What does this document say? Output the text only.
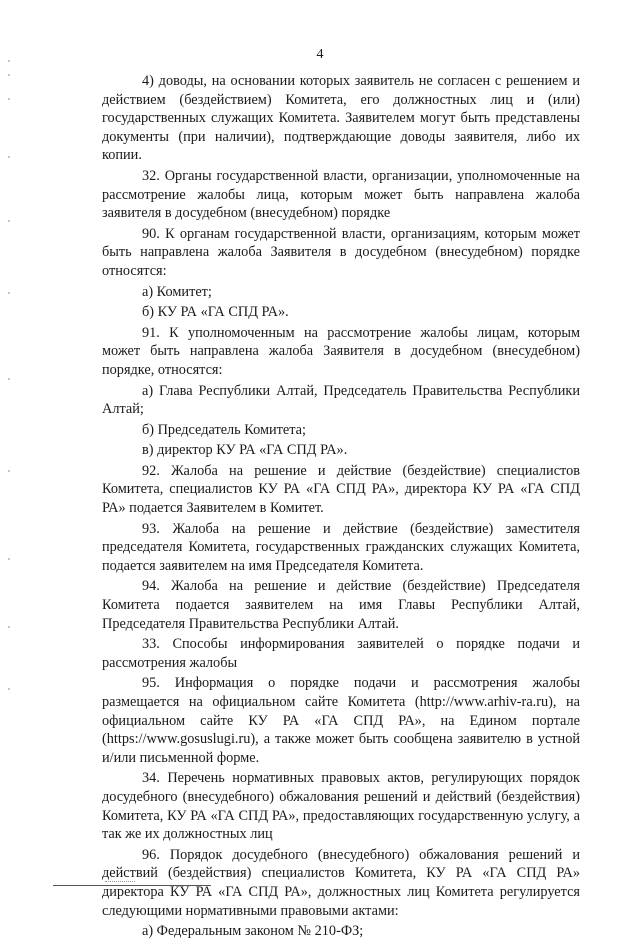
4

4) доводы, на основании которых заявитель не согласен с решением и действием (бездействием) Комитета, его должностных лиц и (или) государственных служащих Комитета. Заявителем могут быть представлены документы (при наличии), подтверждающие доводы заявителя, либо их копии.

32. Органы государственной власти, организации, уполномоченные на рассмотрение жалобы лица, которым может быть направлена жалоба заявителя в досудебном (внесудебном) порядке

90. К органам государственной власти, организациям, которым может быть направлена жалоба Заявителя в досудебном (внесудебном) порядке относятся:

а) Комитет;

б) КУ РА «ГА СПД РА».

91. К уполномоченным на рассмотрение жалобы лицам, которым может быть направлена жалоба Заявителя в досудебном (внесудебном) порядке, относятся:

а) Глава Республики Алтай, Председатель Правительства Республики Алтай;

б) Председатель Комитета;

в) директор КУ РА «ГА СПД РА».

92. Жалоба на решение и действие (бездействие) специалистов Комитета, специалистов КУ РА «ГА СПД РА», директора КУ РА «ГА СПД РА» подается Заявителем в Комитет.

93. Жалоба на решение и действие (бездействие) заместителя председателя Комитета, государственных гражданских служащих Комитета, подается заявителем на имя Председателя Комитета.

94. Жалоба на решение и действие (бездействие) Председателя Комитета подается заявителем на имя Главы Республики Алтай, Председателя Правительства Республики Алтай.

33. Способы информирования заявителей о порядке подачи и рассмотрения жалобы

95. Информация о порядке подачи и рассмотрения жалобы размещается на официальном сайте Комитета (http://www.arhiv-ra.ru), на официальном сайте КУ РА «ГА СПД РА», на Едином портале (https://www.gosuslugi.ru), а также может быть сообщена заявителю в устной и/или письменной форме.

34. Перечень нормативных правовых актов, регулирующих порядок досудебного (внесудебного) обжалования решений и действий (бездействия) Комитета, КУ РА «ГА СПД РА», предоставляющих государственную услугу, а так же их должностных лиц

96. Порядок досудебного (внесудебного) обжалования решений и действий (бездействия) специалистов Комитета, КУ РА «ГА СПД РА» директора КУ РА «ГА СПД РА», должностных лиц Комитета регулируется следующими нормативными правовыми актами:

а) Федеральным законом № 210-ФЗ;
